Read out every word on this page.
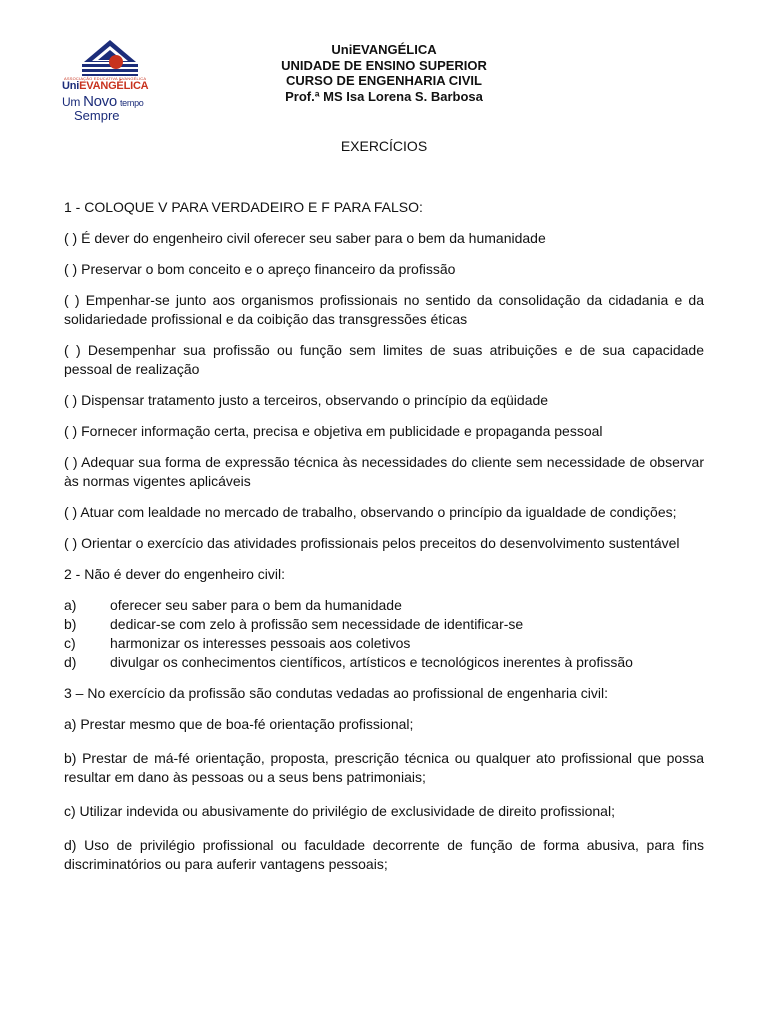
ASSOCIAÇÃO EDUCATIVA EVANGÉLICA
UniEVANGÉLICA
Um Novo tempo
Sempre
UniEVANGÉLICA
UNIDADE DE ENSINO SUPERIOR
CURSO DE ENGENHARIA CIVIL
Prof.ª MS Isa Lorena S. Barbosa
EXERCÍCIOS

1 - COLOQUE V PARA VERDADEIRO E F PARA FALSO:

( ) É dever do engenheiro civil oferecer seu saber para o bem da humanidade

( ) Preservar o bom conceito e o apreço financeiro da profissão

( ) Empenhar-se junto aos organismos profissionais no sentido da consolidação da cidadania e da solidariedade profissional e da coibição das transgressões éticas

( ) Desempenhar sua profissão ou função sem limites de suas atribuições e de sua capacidade pessoal de realização

( ) Dispensar tratamento justo a terceiros, observando o princípio da eqüidade

( ) Fornecer informação certa, precisa e objetiva em publicidade e propaganda pessoal

( ) Adequar sua forma de expressão técnica às necessidades do cliente sem necessidade de observar às normas vigentes aplicáveis

( ) Atuar com lealdade no mercado de trabalho, observando o princípio da igualdade de condições;

( ) Orientar o exercício das atividades profissionais pelos preceitos do desenvolvimento sustentável

2 - Não é dever do engenheiro civil:

a)	oferecer seu saber para o bem da humanidade
b)	dedicar-se com zelo à profissão sem necessidade de identificar-se
c)	harmonizar os interesses pessoais aos coletivos
d)	divulgar os conhecimentos científicos, artísticos e tecnológicos inerentes à profissão

3 – No exercício da profissão são condutas vedadas ao profissional de engenharia civil:

a) Prestar mesmo que de boa-fé orientação profissional;

b) Prestar de má-fé orientação, proposta, prescrição técnica ou qualquer ato profissional que possa resultar em dano às pessoas ou a seus bens patrimoniais;

c) Utilizar indevida ou abusivamente do privilégio de exclusividade de direito profissional;

d) Uso de privilégio profissional ou faculdade decorrente de função de forma abusiva, para fins discriminatórios ou para auferir vantagens pessoais;
